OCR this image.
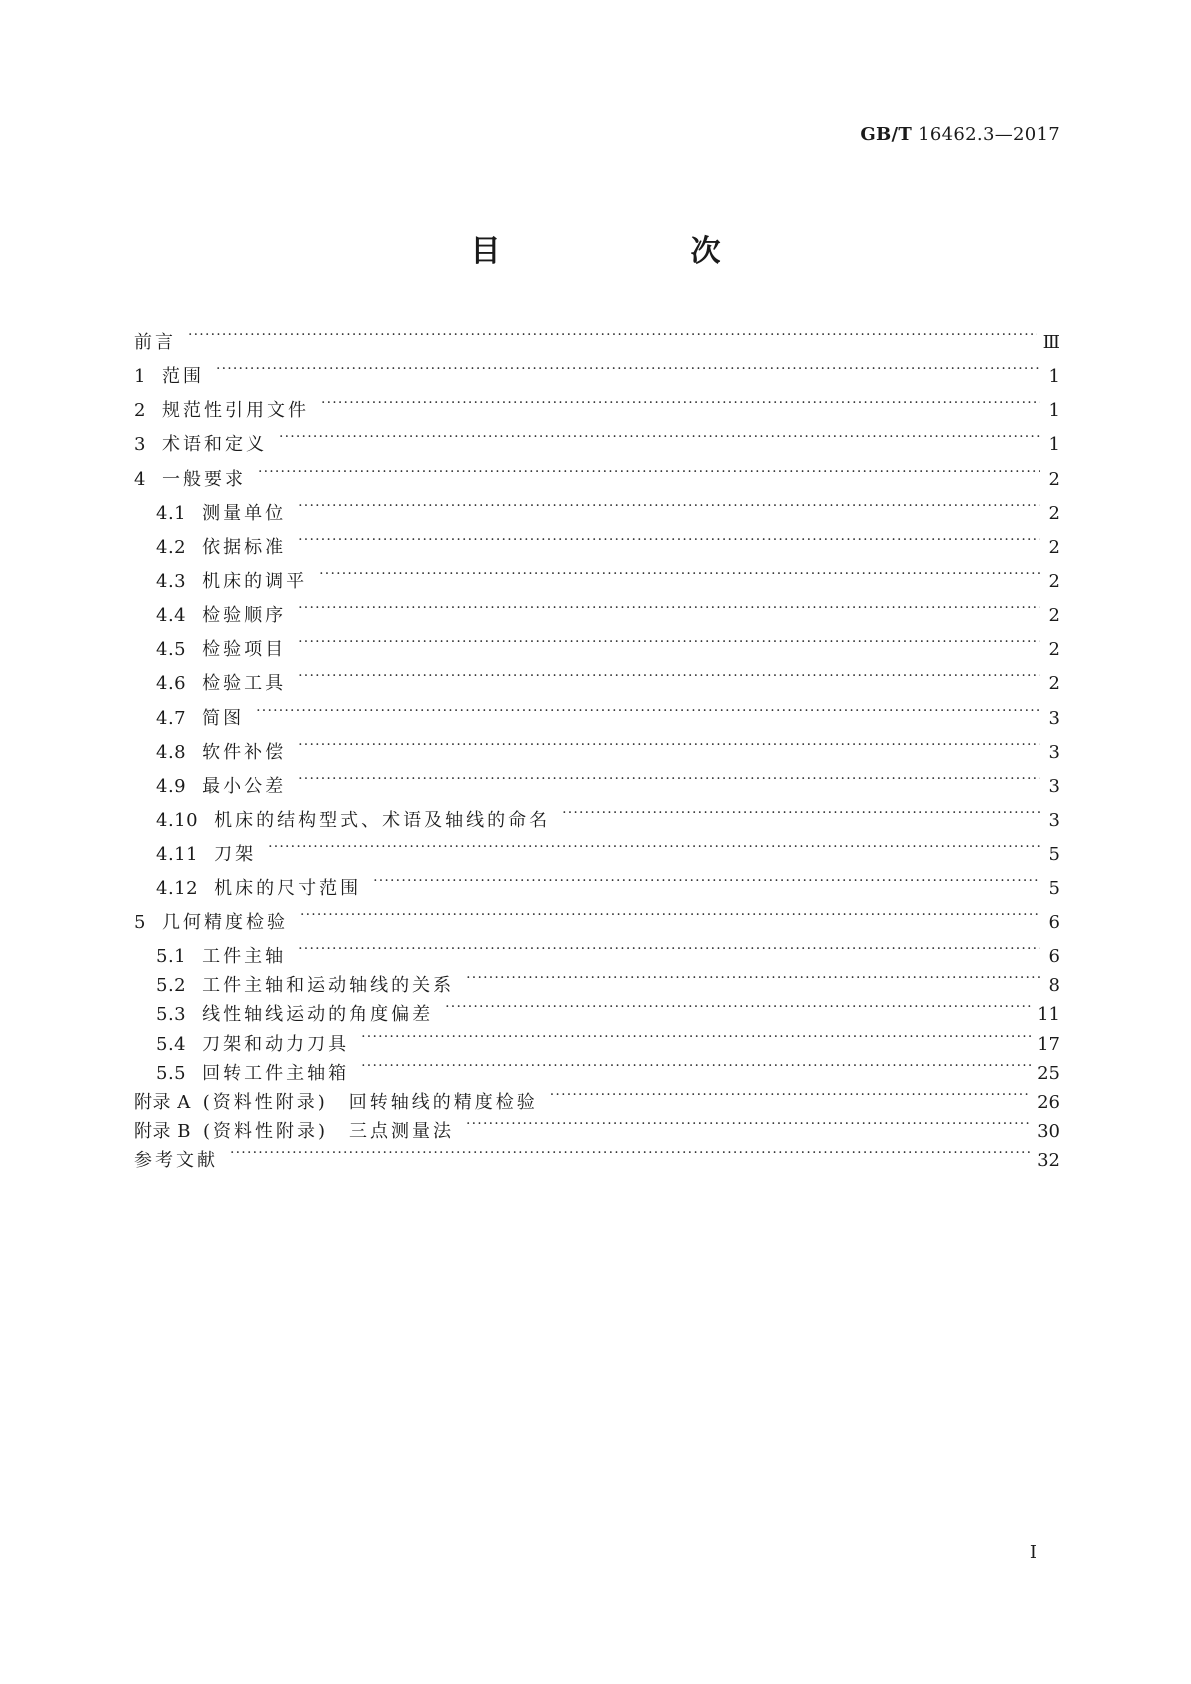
GB/T 16462.3—2017
目　次
前言 ·····	Ⅲ
1 范围 ·····	1
2 规范性引用文件 ·····	1
3 术语和定义 ·····	1
4 一般要求 ·····	2
4.1 测量单位 ·····	2
4.2 依据标准 ·····	2
4.3 机床的调平 ·····	2
4.4 检验顺序 ·····	2
4.5 检验项目 ·····	2
4.6 检验工具 ·····	2
4.7 简图 ·····	3
4.8 软件补偿 ·····	3
4.9 最小公差 ·····	3
4.10 机床的结构型式、术语及轴线的命名 ·····	3
4.11 刀架 ·····	5
4.12 机床的尺寸范围 ·····	5
5 几何精度检验 ·····	6
5.1 工件主轴 ·····	6
5.2 工件主轴和运动轴线的关系 ·····	8
5.3 线性轴线运动的角度偏差 ·····	11
5.4 刀架和动力刀具 ·····	17
5.5 回转工件主轴箱 ·····	25
附录 A (资料性附录)　回转轴线的精度检验 ·····	26
附录 B (资料性附录)　三点测量法 ·····	30
参考文献 ·····	32
I
